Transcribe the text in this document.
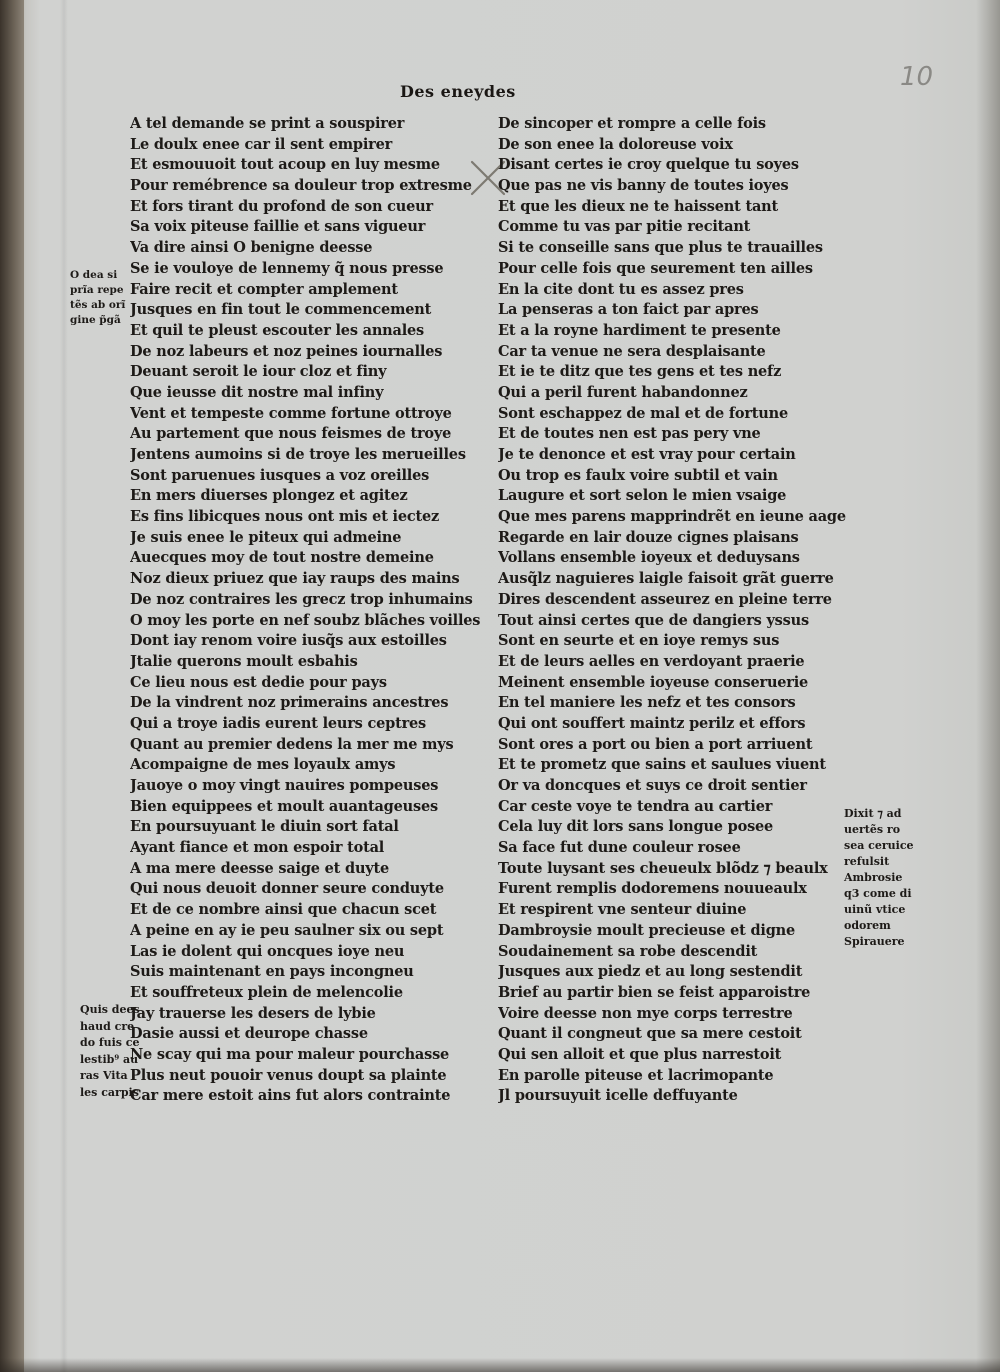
Des eneydes	10
A tel demande se print a souspirer
Le doulx enee car il sent empirer
Et esmouuoit tout acoup en luy mesme
Pour remébrence sa douleur trop extresme
Et fors tirant du profond de son cueur
Sa voix piteuse faillie et sans vigueur
Va dire ainsi O benigne deesse
Se ie vouloye de lennemy q̃ nous presse
Faire recit et compter amplement
Jusques en fin tout le commencement
Et quil te pleust escouter les annales
De noz labeurs et noz peines iournalles
Deuant seroit le iour cloz et finy
Que ieusse dit nostre mal infiny
Vent et tempeste comme fortune ottroye
Au partement que nous feismes de troye
Jentens aumoins si de troye les merueilles
Sont paruenues iusques a voz oreilles
En mers diuerses plongez et agitez
Es fins libicques nous ont mis et iectez
Je suis enee le piteux qui admeine
Auecques moy de tout nostre demeine
Noz dieux priuez que iay raups des mains
De noz contraires les grecz trop inhumains
O moy les porte en nef soubz blãches voilles
Dont iay renom voire iusq̃s aux estoilles
Jtalie querons moult esbahis
Ce lieu nous est dedie pour pays
De la vindrent noz primerains ancestres
Qui a troye iadis eurent leurs ceptres
Quant au premier dedens la mer me mys
Acompaigne de mes loyaulx amys
Jauoye o moy vingt nauires pompeuses
Bien equippees et moult auantageuses
En poursuyuant le diuin sort fatal
Ayant fiance et mon espoir total
A ma mere deesse saige et duyte
Qui nous deuoit donner seure conduyte
Et de ce nombre ainsi que chacun scet
A peine en ay ie peu saulner six ou sept
Las ie dolent qui oncques ioye neu
Suis maintenant en pays incongneu
Et souffreteux plein de melencolie
Jay trauerse les desers de lybie
Dasie aussi et deurope chasse
Ne scay qui ma pour maleur pourchasse
Plus neut pouoir venus doupt sa plainte
Car mere estoit ains fut alors contrainte
De sincoper et rompre a celle fois
De son enee la doloreuse voix
Disant certes ie croy quelque tu soyes
Que pas ne vis banny de toutes ioyes
Et que les dieux ne te haissent tant
Comme tu vas par pitie recitant
Si te conseille sans que plus te trauailles
Pour celle fois que seurement ten ailles
En la cite dont tu es assez pres
La penseras a ton faict par apres
Et a la royne hardiment te presente
Car ta venue ne sera desplaisante
Et ie te ditz que tes gens et tes nefz
Qui a peril furent habandonnez
Sont eschappez de mal et de fortune
Et de toutes nen est pas pery vne
Je te denonce et est vray pour certain
Ou trop es faulx voire subtil et vain
Laugure et sort selon le mien vsaige
Que mes parens mapprindrẽt en ieune aage
Regarde en lair douze cignes plaisans
Vollans ensemble ioyeux et deduysans
Ausq̃lz naguieres laigle faisoit grãt guerre
Dires descendent asseurez en pleine terre
Tout ainsi certes que de dangiers yssus
Sont en seurte et en ioye remys sus
Et de leurs aelles en verdoyant praerie
Meinent ensemble ioyeuse conseruerie
En tel maniere les nefz et tes consors
Qui ont souffert maintz perilz et effors
Sont ores a port ou bien a port arriuent
Et te prometz que sains et saulues viuent
Or va doncques et suys ce droit sentier
Car ceste voye te tendra au cartier
Cela luy dit lors sans longue posee
Sa face fut dune couleur rosee
Toute luysant ses cheueulx blõdz ⁊ beaulx
Furent remplis dodoremens nouueaulx
Et respirent vne senteur diuine
Dambroysie moult precieuse et digne
Soudainement sa robe descendit
Jusques aux piedz et au long sestendit
Brief au partir bien se feist apparoistre
Voire deesse non mye corps terrestre
Quant il congneut que sa mere cestoit
Qui sen alloit et que plus narrestoit
En parolle piteuse et lacrimopante
Jl poursuyuit icelle deffuyante
O dea si
prĩa repe
tẽs ab orĩ
gine p̃gã
Quis dees
haud cre
do fuis ce
lestib⁹ au
ras Vita
les carpis
Dixit ⁊ ad
uertẽs ro
sea ceruice
refulsit
Ambrosie
q3 come di
uinũ vtice
odorem
Spirauere
